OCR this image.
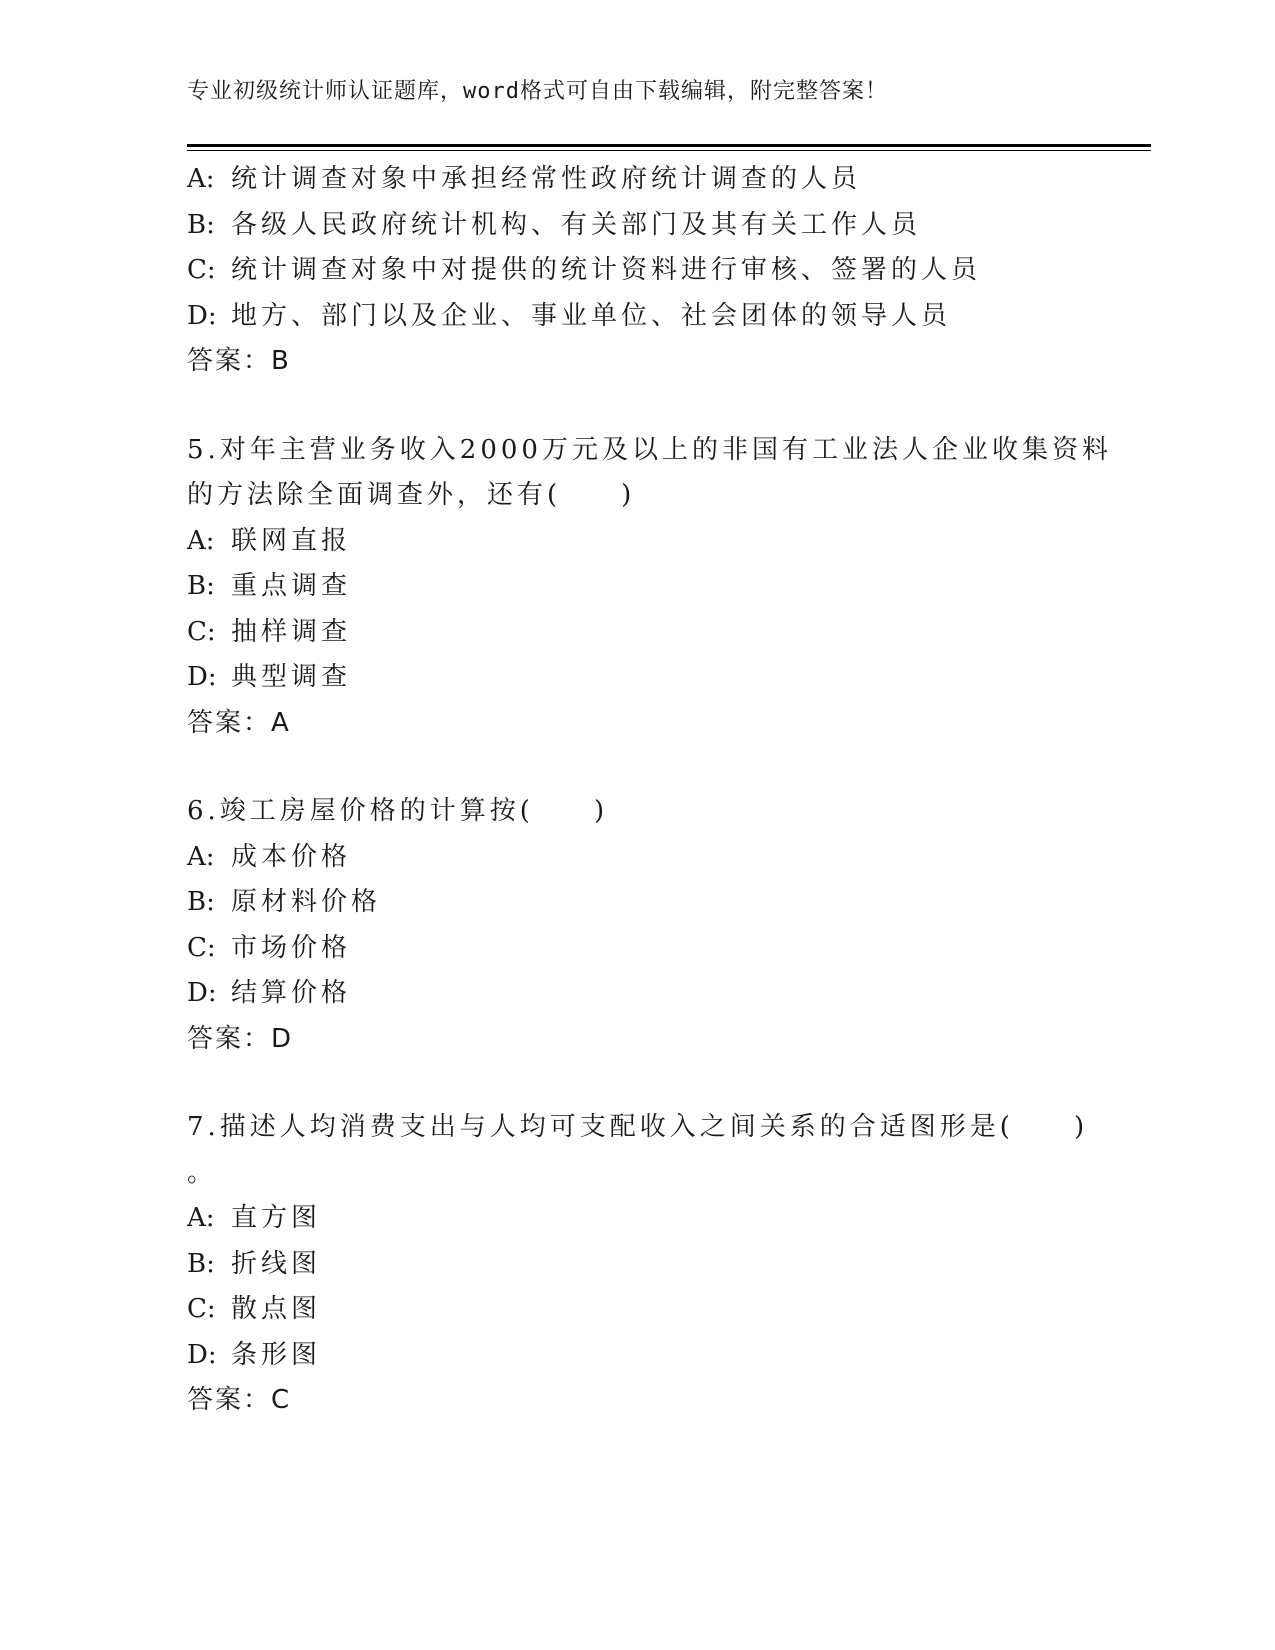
专业初级统计师认证题库，word格式可自由下载编辑，附完整答案！
A: 统计调查对象中承担经常性政府统计调查的人员
B: 各级人民政府统计机构、有关部门及其有关工作人员
C: 统计调查对象中对提供的统计资料进行审核、签署的人员
D: 地方、部门以及企业、事业单位、社会团体的领导人员
答案：B
5.对年主营业务收入2000万元及以上的非国有工业法人企业收集资料
的方法除全面调查外，还有(　　)
A: 联网直报
B: 重点调查
C: 抽样调查
D: 典型调查
答案：A
6.竣工房屋价格的计算按(　　)
A: 成本价格
B: 原材料价格
C: 市场价格
D: 结算价格
答案：D
7.描述人均消费支出与人均可支配收入之间关系的合适图形是(　　)
。
A: 直方图
B: 折线图
C: 散点图
D: 条形图
答案：C
